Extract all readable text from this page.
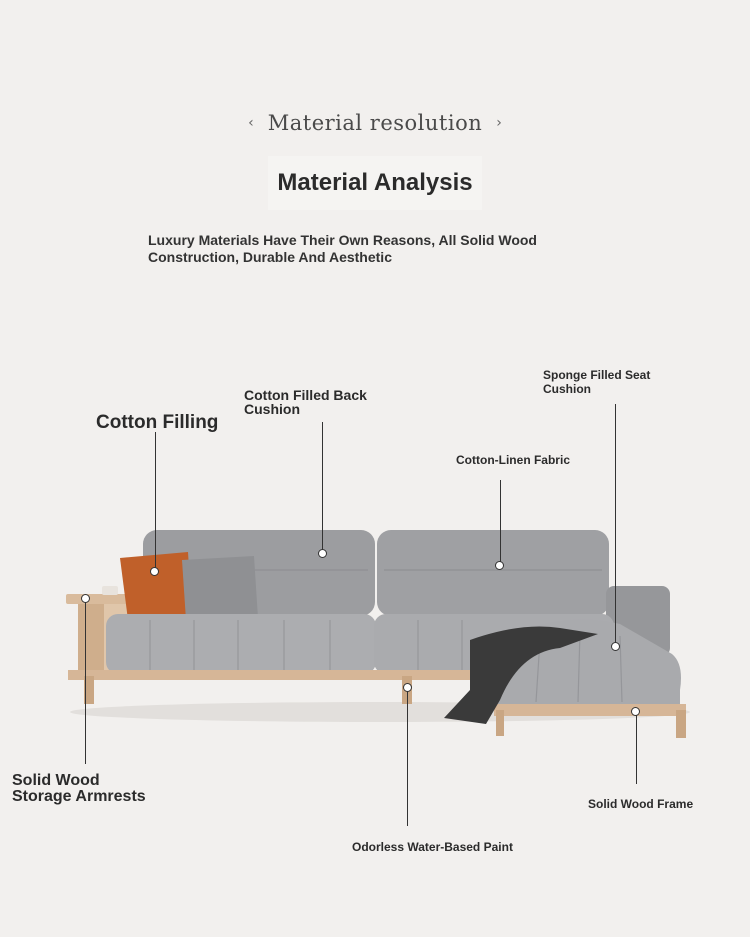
‹ Material resolution ›
Material Analysis
Luxury Materials Have Their Own Reasons, All Solid Wood
Construction, Durable And Aesthetic
Cotton Filling
Cotton Filled Back
Cushion
Cotton-Linen Fabric
Sponge Filled Seat
Cushion
Solid Wood
Storage Armrests	Solid Wood Frame
Odorless Water-Based Paint
